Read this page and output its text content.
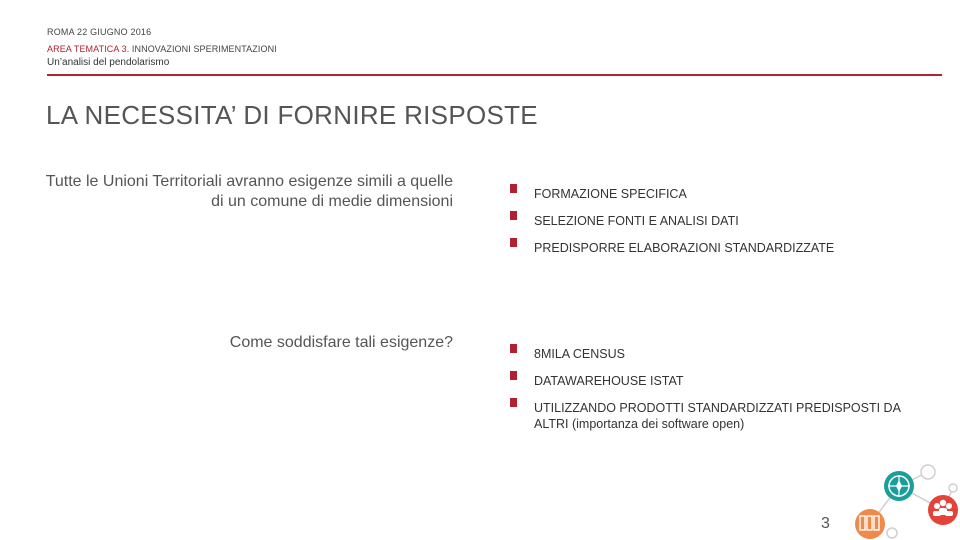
ROMA 22 GIUGNO 2016
AREA TEMATICA 3. INNOVAZIONI SPERIMENTAZIONI
Un’analisi del pendolarismo
LA NECESSITA’ DI FORNIRE RISPOSTE
Tutte le Unioni Territoriali avranno esigenze simili a quelle di un comune di medie dimensioni
Come soddisfare tali esigenze?
FORMAZIONE SPECIFICA
SELEZIONE FONTI E ANALISI DATI
PREDISPORRE ELABORAZIONI STANDARDIZZATE
8MILA CENSUS
DATAWAREHOUSE ISTAT
UTILIZZANDO PRODOTTI STANDARDIZZATI PREDISPOSTI DA ALTRI (importanza dei software open)
3
